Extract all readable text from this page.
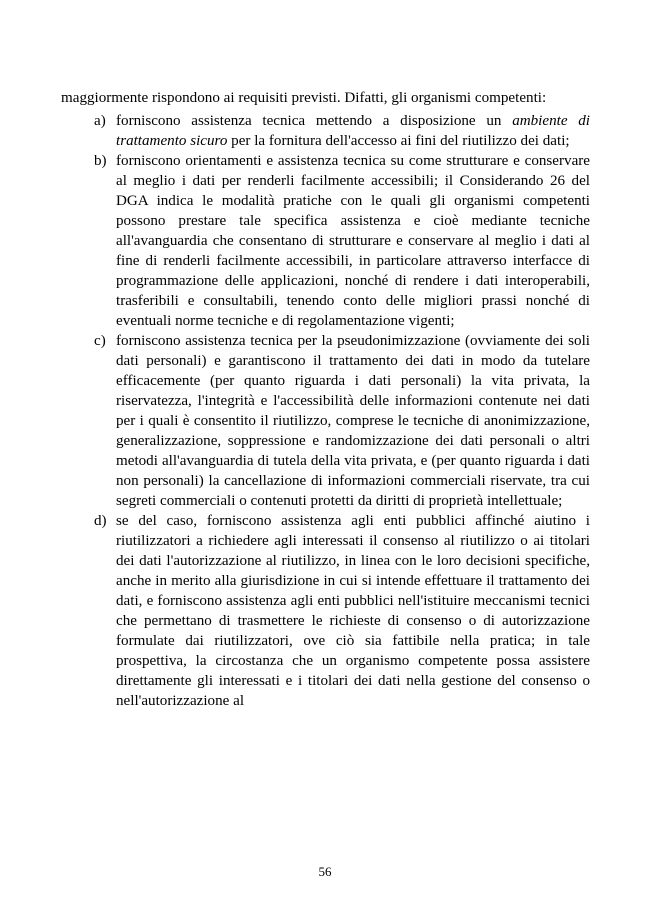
maggiormente rispondono ai requisiti previsti. Difatti, gli organismi competenti:

a) forniscono assistenza tecnica mettendo a disposizione un ambiente di trattamento sicuro per la fornitura dell'accesso ai fini del riutilizzo dei dati;
b) forniscono orientamenti e assistenza tecnica su come strutturare e conservare al meglio i dati per renderli facilmente accessibili; il Considerando 26 del DGA indica le modalità pratiche con le quali gli organismi competenti possono prestare tale specifica assistenza e cioè mediante tecniche all'avanguardia che consentano di strutturare e conservare al meglio i dati al fine di renderli facilmente accessibili, in particolare attraverso interfacce di programmazione delle applicazioni, nonché di rendere i dati interoperabili, trasferibili e consultabili, tenendo conto delle migliori prassi nonché di eventuali norme tecniche e di regolamentazione vigenti;
c) forniscono assistenza tecnica per la pseudonimizzazione (ovviamente dei soli dati personali) e garantiscono il trattamento dei dati in modo da tutelare efficacemente (per quanto riguarda i dati personali) la vita privata, la riservatezza, l'integrità e l'accessibilità delle informazioni contenute nei dati per i quali è consentito il riutilizzo, comprese le tecniche di anonimizzazione, generalizzazione, soppressione e randomizzazione dei dati personali o altri metodi all'avanguardia di tutela della vita privata, e (per quanto riguarda i dati non personali) la cancellazione di informazioni commerciali riservate, tra cui segreti commerciali o contenuti protetti da diritti di proprietà intellettuale;
d) se del caso, forniscono assistenza agli enti pubblici affinché aiutino i riutilizzatori a richiedere agli interessati il consenso al riutilizzo o ai titolari dei dati l'autorizzazione al riutilizzo, in linea con le loro decisioni specifiche, anche in merito alla giurisdizione in cui si intende effettuare il trattamento dei dati, e forniscono assistenza agli enti pubblici nell'istituire meccanismi tecnici che permettano di trasmettere le richieste di consenso o di autorizzazione formulate dai riutilizzatori, ove ciò sia fattibile nella pratica; in tale prospettiva, la circostanza che un organismo competente possa assistere direttamente gli interessati e i titolari dei dati nella gestione del consenso o nell'autorizzazione al
56
